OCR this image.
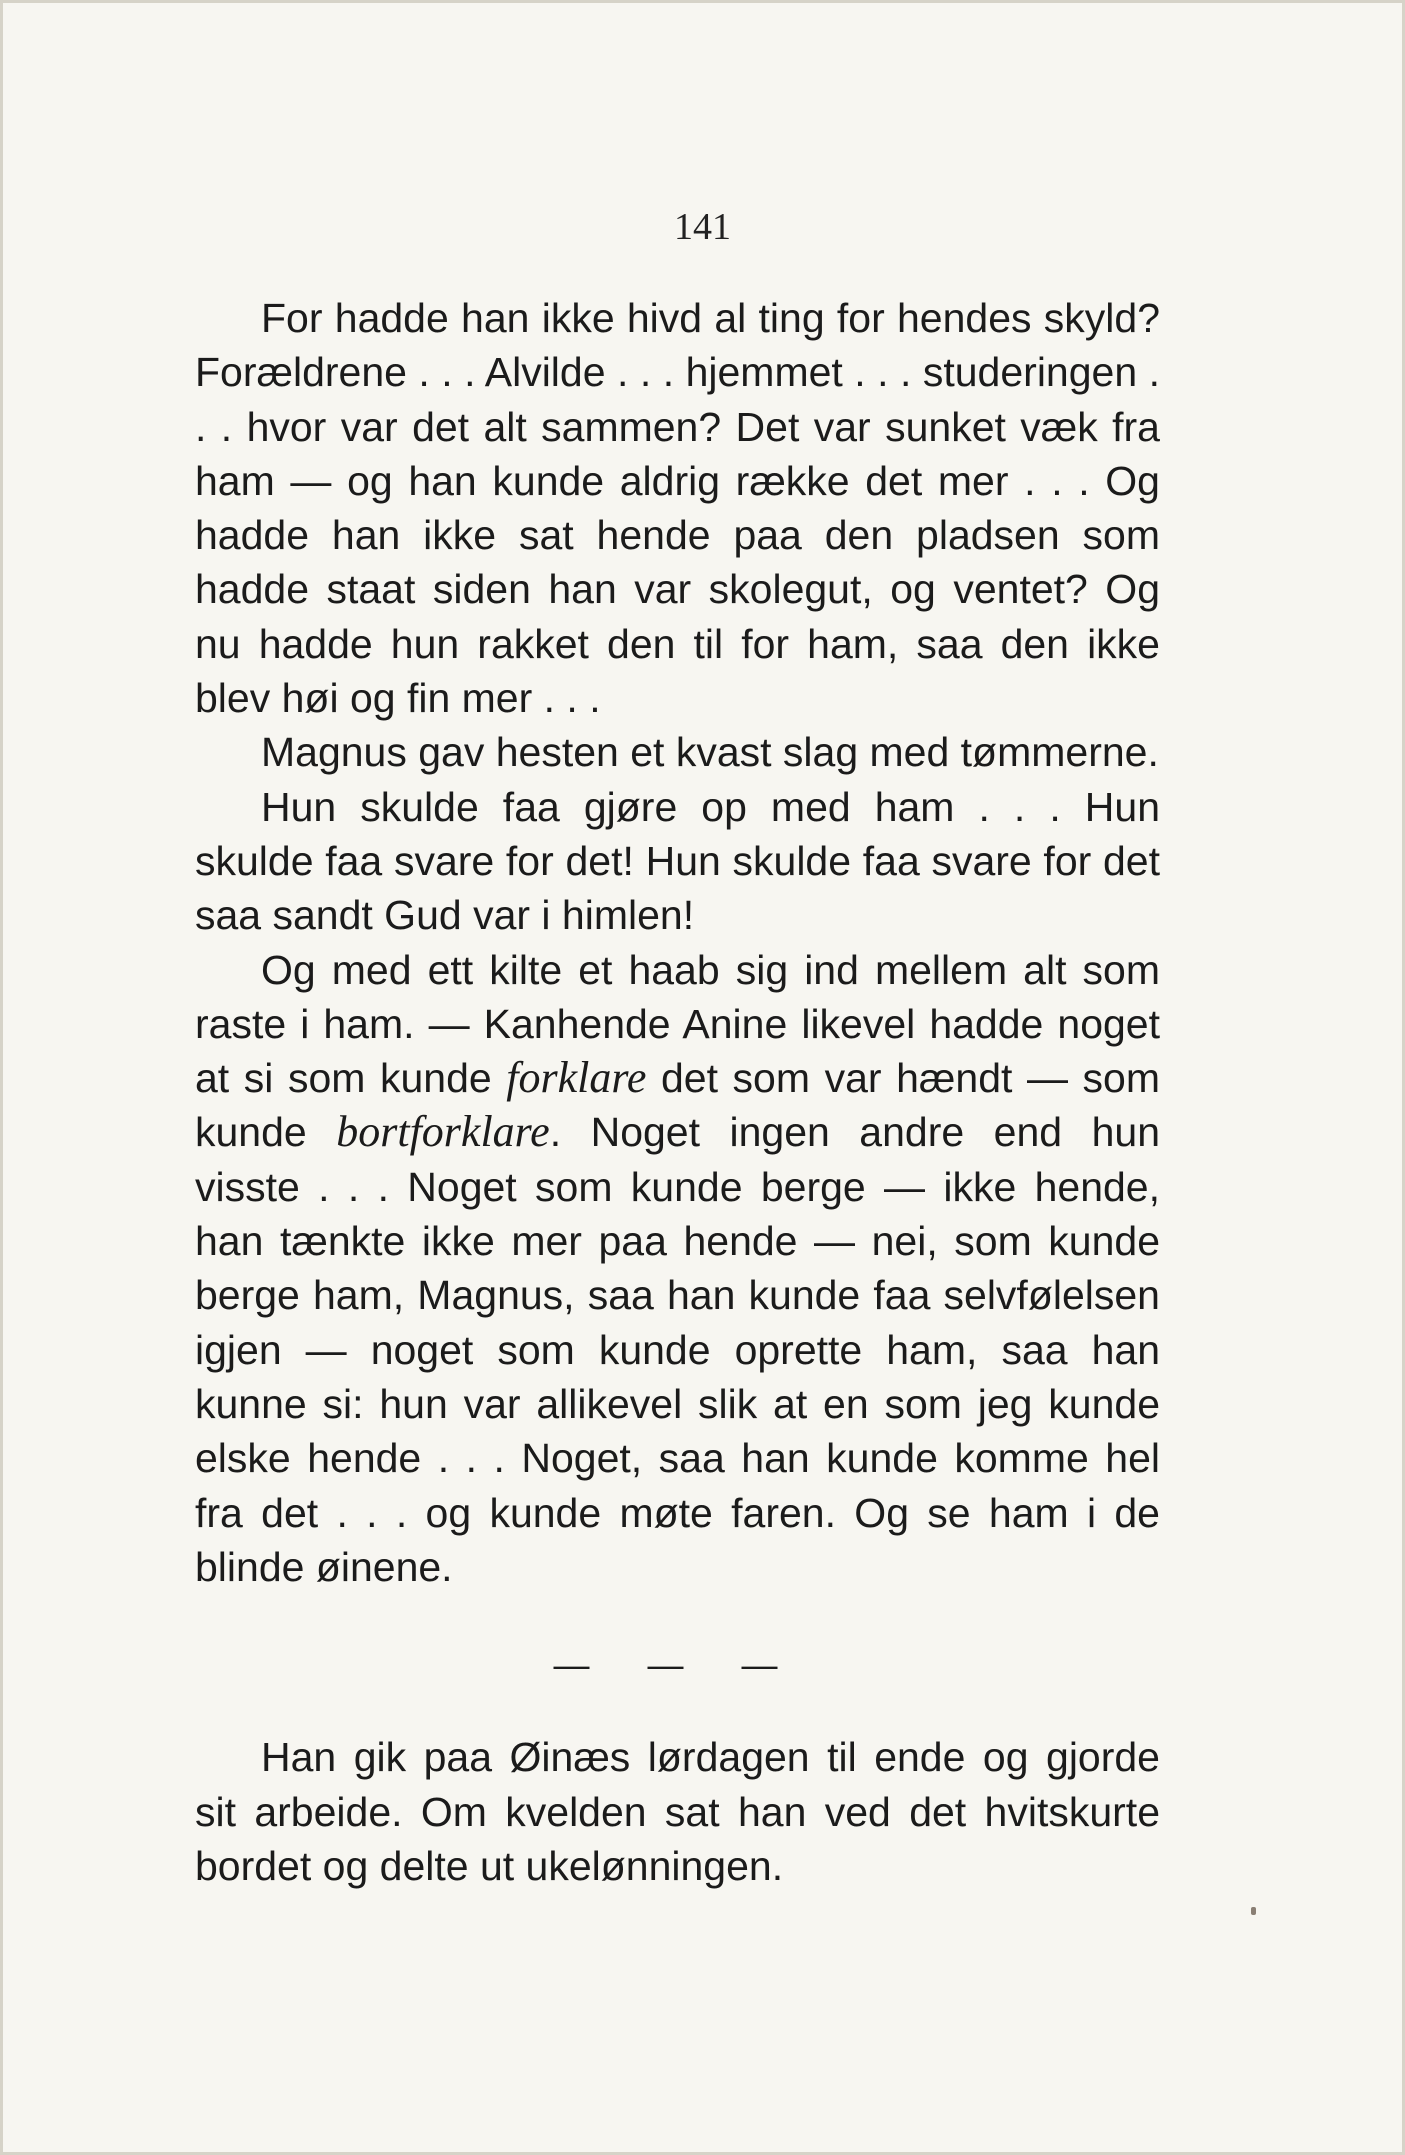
141

For hadde han ikke hivd al ting for hendes skyld? Forældrene . . . Alvilde . . . hjemmet . . . studeringen . . . hvor var det alt sammen? Det var sunket væk fra ham — og han kunde aldrig række det mer . . . Og hadde han ikke sat hende paa den pladsen som hadde staat siden han var skolegut, og ventet? Og nu hadde hun rakket den til for ham, saa den ikke blev høi og fin mer . . .

Magnus gav hesten et kvast slag med tømmerne.

Hun skulde faa gjøre op med ham . . . Hun skulde faa svare for det! Hun skulde faa svare for det saa sandt Gud var i himlen!

Og med ett kilte et haab sig ind mellem alt som raste i ham. — Kanhende Anine likevel hadde noget at si som kunde forklare det som var hændt — som kunde bortforklare. Noget ingen andre end hun visste . . . Noget som kunde berge — ikke hende, han tænkte ikke mer paa hende — nei, som kunde berge ham, Magnus, saa han kunde faa selvfølelsen igjen — noget som kunde oprette ham, saa han kunne si: hun var allikevel slik at en som jeg kunde elske hende . . . Noget, saa han kunde komme hel fra det . . . og kunde møte faren. Og se ham i de blinde øinene.

— — —

Han gik paa Øinæs lørdagen til ende og gjorde sit arbeide. Om kvelden sat han ved det hvitskurte bordet og delte ut ukelønningen.
